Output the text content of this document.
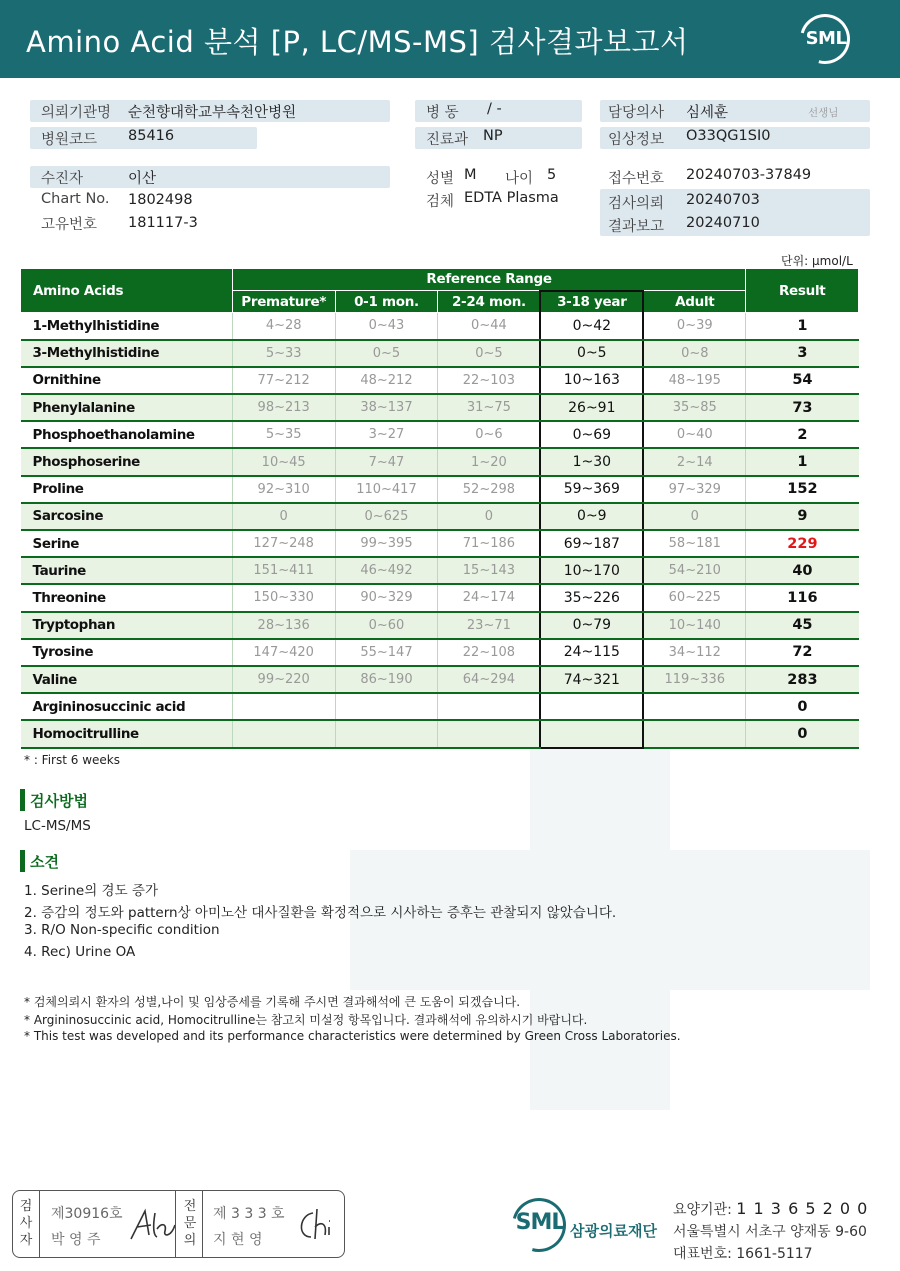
Amino Acid 분석 [P, LC/MS-MS] 검사결과보고서	SML
의뢰기관명 순천향대학교부속천안병원
병원코드 85416
병 동 / -
진료과 NP
담당의사 심세훈	선생님
임상정보 O33QG1SI0
수진자	이산
Chart No. 1802498
고유번호 181117-3
성별 M 나이 5
검체 EDTA Plasma
접수번호 20240703-37849
검사의뢰 20240703
결과보고 20240710
단위: μmol/L
Amino Acids	Reference Range					Result
	Premature*	0-1 mon.	2-24 mon.	3-18 year	Adult	
1-Methylhistidine	4~28	0~43	0~44	0~42	0~39	1
3-Methylhistidine	5~33	0~5	0~5	0~5	0~8	3
Ornithine	77~212	48~212	22~103	10~163	48~195	54
Phenylalanine	98~213	38~137	31~75	26~91	35~85	73
Phosphoethanolamine	5~35	3~27	0~6	0~69	0~40	2
Phosphoserine	10~45	7~47	1~20	1~30	2~14	1
Proline	92~310	110~417	52~298	59~369	97~329	152
Sarcosine	0	0~625	0	0~9	0	9
Serine	127~248	99~395	71~186	69~187	58~181	229
Taurine	151~411	46~492	15~143	10~170	54~210	40
Threonine	150~330	90~329	24~174	35~226	60~225	116
Tryptophan	28~136	0~60	23~71	0~79	10~140	45
Tyrosine	147~420	55~147	22~108	24~115	34~112	72
Valine	99~220	86~190	64~294	74~321	119~336	283
Argininosuccinic acid						0
Homocitrulline						0
* : First 6 weeks
검사방법
LC-MS/MS
소견
1. Serine의 경도 증가
2. 증감의 정도와 pattern상 아미노산 대사질환을 확정적으로 시사하는 증후는 관찰되지 않았습니다.
3. R/O Non-specific condition
4. Rec) Urine OA
* 검체의뢰시 환자의 성별,나이 및 임상증세를 기록해 주시면 결과해석에 큰 도움이 되겠습니다.
* Argininosuccinic acid, Homocitrulline는 참고치 미설정 항목입니다. 결과해석에 유의하시기 바랍니다.
* This test was developed and its performance characteristics were determined by Green Cross Laboratories.
검
사
자
제30916호
박 영 주
전
문
의
제 3 3 3 호
지 현 영
SML 삼광의료재단
요양기관: 1 1 3 6 5 2 0 0
서울특별시 서초구 양재동 9-60
대표번호: 1661-5117
